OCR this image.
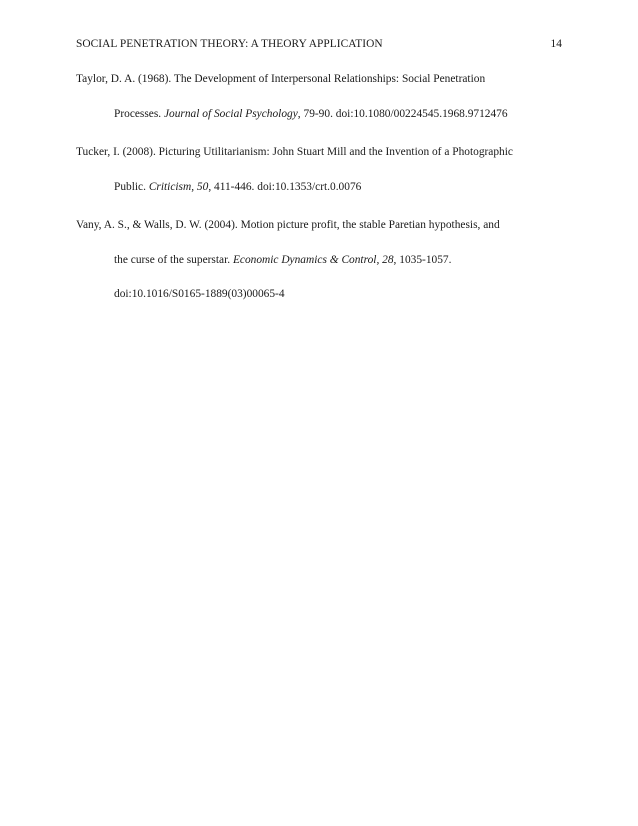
SOCIAL PENETRATION THEORY: A THEORY APPLICATION	14
Taylor, D. A. (1968). The Development of Interpersonal Relationships: Social Penetration
Processes. Journal of Social Psychology, 79-90. doi:10.1080/00224545.1968.9712476
Tucker, I. (2008). Picturing Utilitarianism: John Stuart Mill and the Invention of a Photographic
Public. Criticism, 50, 411-446. doi:10.1353/crt.0.0076
Vany, A. S., & Walls, D. W. (2004). Motion picture profit, the stable Paretian hypothesis, and
the curse of the superstar. Economic Dynamics & Control, 28, 1035-1057.
doi:10.1016/S0165-1889(03)00065-4
